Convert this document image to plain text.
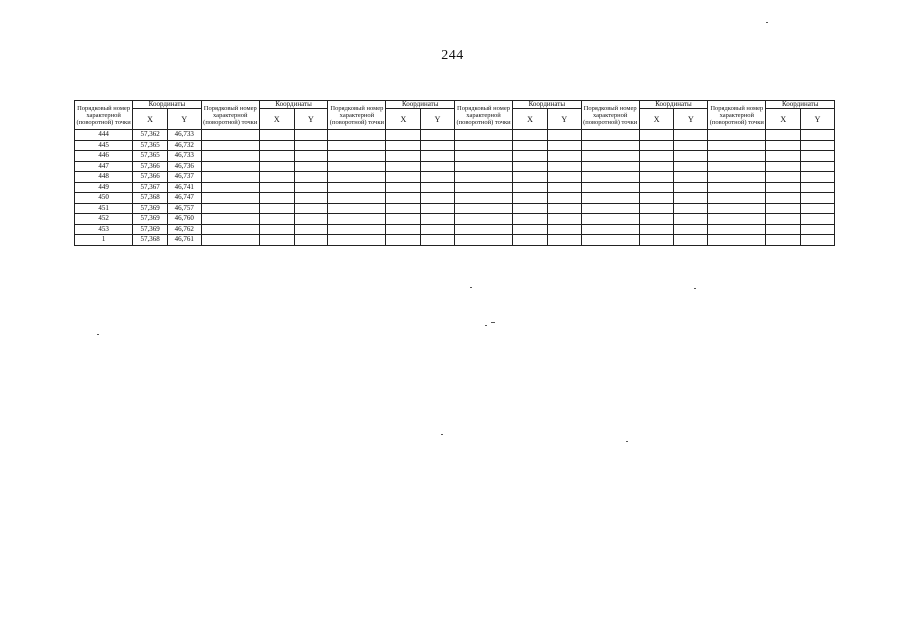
244
Порядковый номер характерной (поворотной) точки	Координаты		Порядковый номер характерной (поворотной) точки	Координаты		Порядковый номер характерной (поворотной) точки	Координаты		Порядковый номер характерной (поворотной) точки	Координаты		Порядковый номер характерной (поворотной) точки	Координаты		Порядковый номер характерной (поворотной) точки	Координаты	
	X	Y		X	Y		X	Y		X	Y		X	Y		X	Y
444	57,362	46,733															
445	57,365	46,732															
446	57,365	46,733															
447	57,366	46,736															
448	57,366	46,737															
449	57,367	46,741															
450	57,368	46,747															
451	57,369	46,757															
452	57,369	46,760															
453	57,369	46,762															
1	57,368	46,761															
